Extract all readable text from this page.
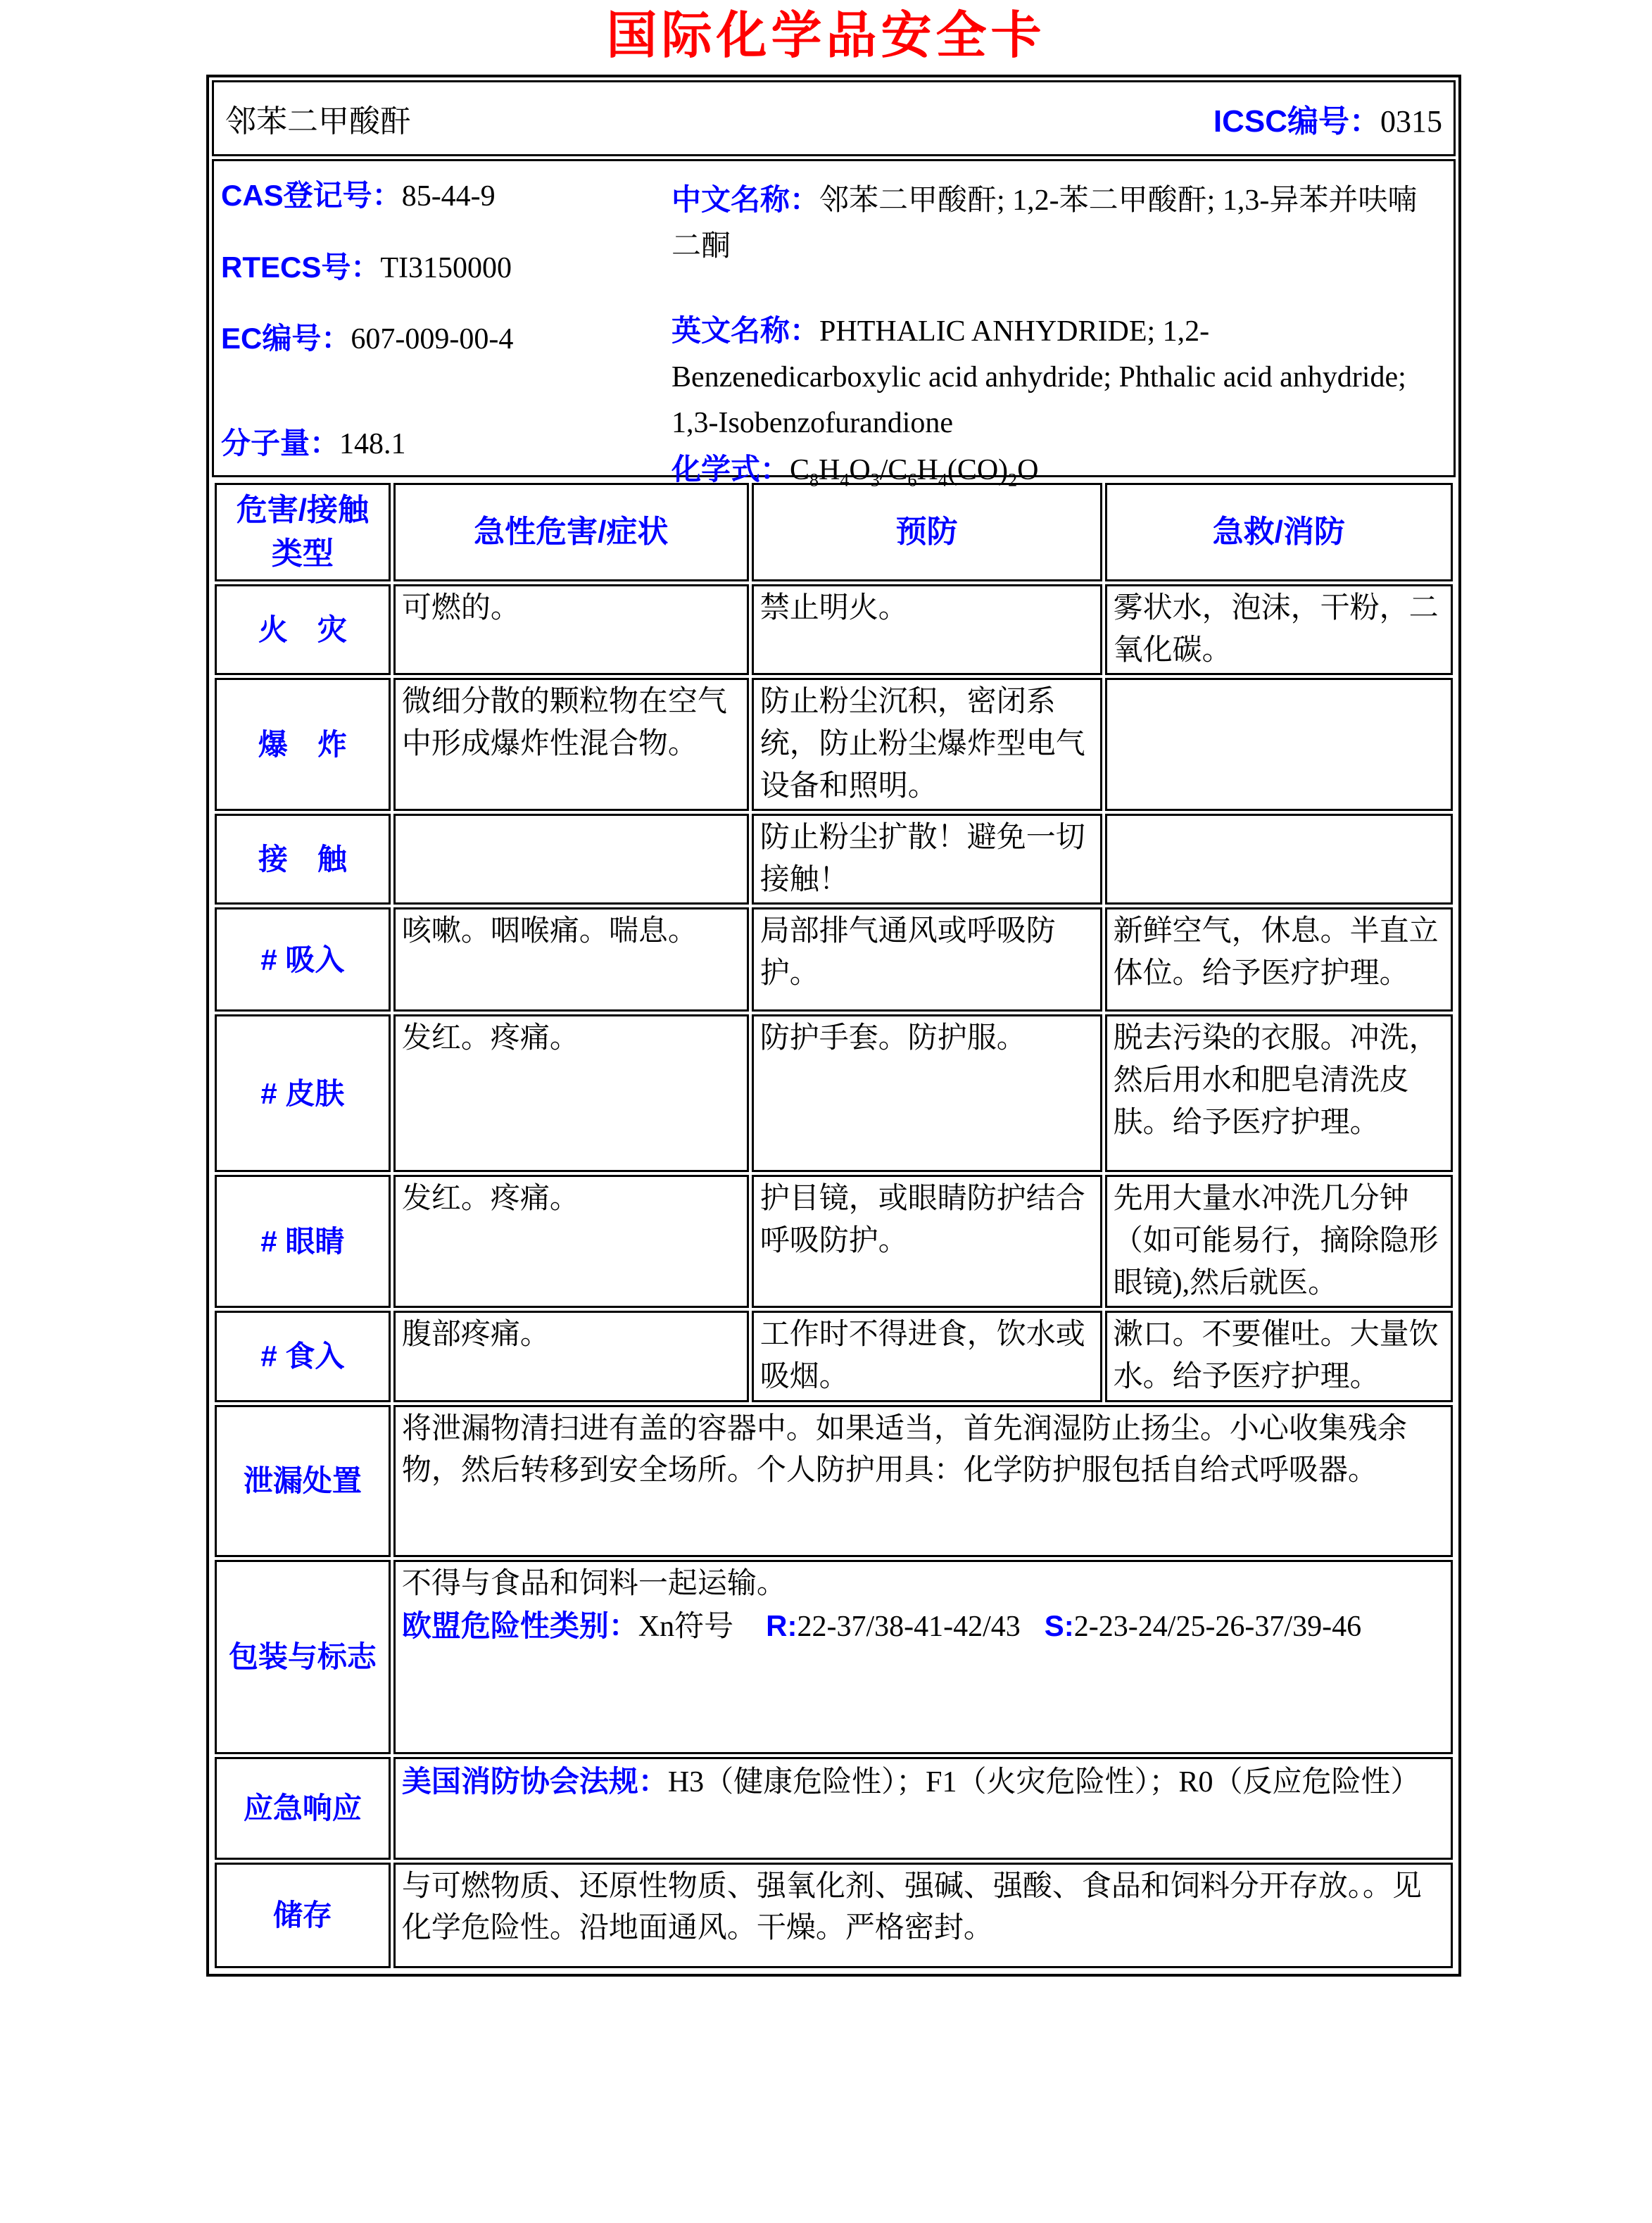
国际化学品安全卡
邻苯二甲酸酐	ICSC编号：0315
CAS登记号：85-44-9
RTECS号：TI3150000
EC编号：607-009-00-4
分子量：148.1
中文名称：邻苯二甲酸酐; 1,2-苯二甲酸酐; 1,3-异苯并呋喃二酮
英文名称：PHTHALIC ANHYDRIDE; 1,2-Benzenedicarboxylic acid anhydride; Phthalic acid anhydride; 1,3-Isobenzofurandione
化学式：$C_8H_4O_3/C_6H_4(CO)_2O$
危害/接触类型	急性危害/症状	预防	急救/消防
火　灾	可燃的。	禁止明火。	雾状水，泡沫，干粉，二氧化碳。
爆　炸	微细分散的颗粒物在空气中形成爆炸性混合物。	防止粉尘沉积，密闭系统，防止粉尘爆炸型电气设备和照明。	
接　触		防止粉尘扩散！避免一切接触！	
# 吸入	咳嗽。咽喉痛。喘息。	局部排气通风或呼吸防护。	新鲜空气，休息。半直立体位。给予医疗护理。
# 皮肤	发红。疼痛。	防护手套。防护服。	脱去污染的衣服。冲洗，然后用水和肥皂清洗皮肤。给予医疗护理。
# 眼睛	发红。疼痛。	护目镜，或眼睛防护结合呼吸防护。	先用大量水冲洗几分钟（如可能易行，摘除隐形眼镜),然后就医。
# 食入	腹部疼痛。	工作时不得进食，饮水或吸烟。	漱口。不要催吐。大量饮水。给予医疗护理。
泄漏处置	将泄漏物清扫进有盖的容器中。如果适当，首先润湿防止扬尘。小心收集残余物，然后转移到安全场所。个人防护用具：化学防护服包括自给式呼吸器。		
包装与标志	不得与食品和饲料一起运输。

欧盟危险性类别：Xn符号 R:22-37/38-41-42/43 S:2-23-24/25-26-37/39-46		

应急响应	美国消防协会法规：H3（健康危险性）；F1（火灾危险性）；R0（反应危险性）		
储存	与可燃物质、还原性物质、强氧化剂、强碱、强酸、食品和饲料分开存放。。见化学危险性。沿地面通风。干燥。严格密封。		
